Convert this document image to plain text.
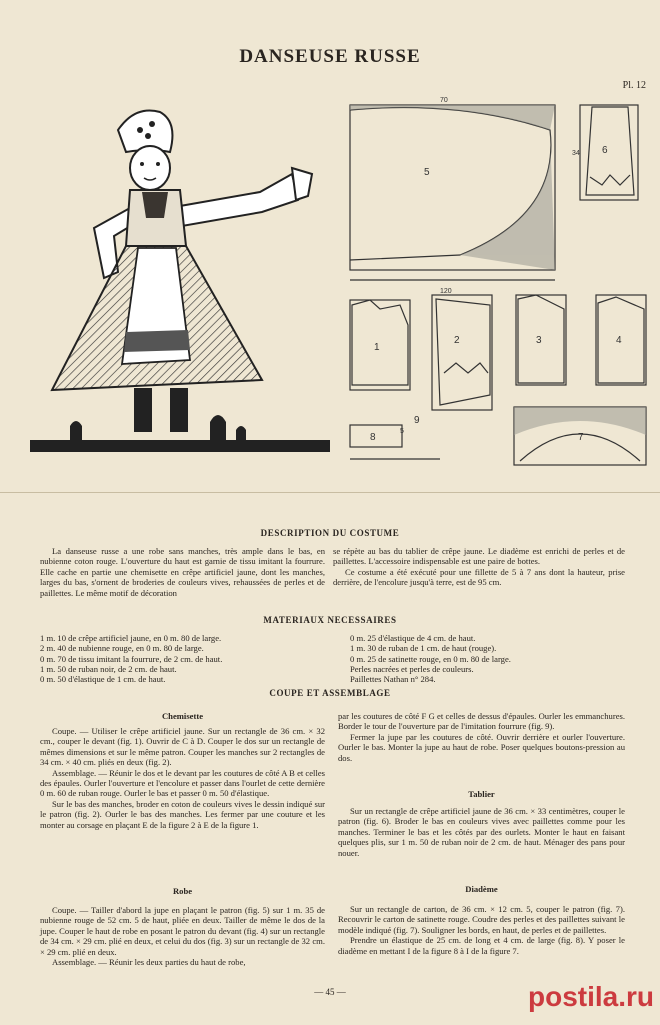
DANSEUSE RUSSE
Pl. 12
5
6
1
2	3	4
7
8
9
120
70
34
5
DESCRIPTION DU COSTUME

La danseuse russe a une robe sans manches, très ample dans le bas, en nubienne coton rouge. L'ouverture du haut est garnie de tissu imitant la fourrure. Elle cache en partie une chemisette en crêpe artificiel jaune, dont les manches, larges du bas, s'ornent de broderies de couleurs vives, rehaussées de perles et de paillettes. Le même motif de décoration

se répète au bas du tablier de crêpe jaune. Le diadème est enrichi de perles et de paillettes. L'accessoire indispensable est une paire de bottes.

Ce costume a été exécuté pour une fillette de 5 à 7 ans dont la hauteur, prise derrière, de l'encolure jusqu'à terre, est de 95 cm.

MATERIAUX NECESSAIRES

1 m. 10 de crêpe artificiel jaune, en 0 m. 80 de large.

2 m. 40 de nubienne rouge, en 0 m. 80 de large.

0 m. 70 de tissu imitant la fourrure, de 2 cm. de haut.

1 m. 50 de ruban noir, de 2 cm. de haut.

0 m. 50 d'élastique de 1 cm. de haut.

0 m. 25 d'élastique de 4 cm. de haut.

1 m. 30 de ruban de 1 cm. de haut (rouge).

0 m. 25 de satinette rouge, en 0 m. 80 de large.

Perles nacrées et perles de couleurs.

Paillettes Nathan n° 284.

COUPE ET ASSEMBLAGE
Chemisette

Coupe. — Utiliser le crêpe artificiel jaune. Sur un rectangle de 36 cm. × 32 cm., couper le devant (fig. 1). Ouvrir de C à D. Couper le dos sur un rectangle de mêmes dimensions et sur le même patron. Couper les manches sur 2 rectangles de 34 cm. × 40 cm. pliés en deux (fig. 2).

Assemblage. — Réunir le dos et le devant par les coutures de côté A B et celles des épaules. Ourler l'ouverture et l'encolure et passer dans l'ourlet de cette dernière 0 m. 60 de ruban rouge. Ourler le bas et passer 0 m. 50 d'élastique.

Sur le bas des manches, broder en coton de couleurs vives le dessin indiqué sur le patron (fig. 2). Ourler le bas des manches. Les fermer par une couture et les monter au corsage en plaçant E de la figure 2 à E de la figure 1.

Robe

Coupe. — Tailler d'abord la jupe en plaçant le patron (fig. 5) sur 1 m. 35 de nubienne rouge de 52 cm. 5 de haut, pliée en deux. Tailler de même le dos de la jupe. Couper le haut de robe en posant le patron du devant (fig. 4) sur un rectangle de 34 cm. × 29 cm. plié en deux, et celui du dos (fig. 3) sur un rectangle de 32 cm. × 29 cm. plié en deux.

Assemblage. — Réunir les deux parties du haut de robe,

par les coutures de côté F G et celles de dessus d'épaules. Ourler les emmanchures. Border le tour de l'ouverture par de l'imitation fourrure (fig. 9).

Fermer la jupe par les coutures de côté. Ouvrir derrière et ourler l'ouverture. Ourler le bas. Monter la jupe au haut de robe. Poser quelques boutons-pression au dos.

Tablier

Sur un rectangle de crêpe artificiel jaune de 36 cm. × 33 centimètres, couper le patron (fig. 6). Broder le bas en couleurs vives avec paillettes comme pour les manches. Terminer le bas et les côtés par des ourlets. Monter le haut en faisant quelques plis, sur 1 m. 50 de ruban noir de 2 cm. de haut. Ménager des pans pour nouer.

Diadème

Sur un rectangle de carton, de 36 cm. × 12 cm. 5, couper le patron (fig. 7). Recouvrir le carton de satinette rouge. Coudre des perles et des paillettes suivant le modèle indiqué (fig. 7). Souligner les bords, en haut, de perles et de paillettes.

Prendre un élastique de 25 cm. de long et 4 cm. de large (fig. 8). Y poser le diadème en mettant I de la figure 8 à I de la figure 7.

— 45 —	postila.ru
